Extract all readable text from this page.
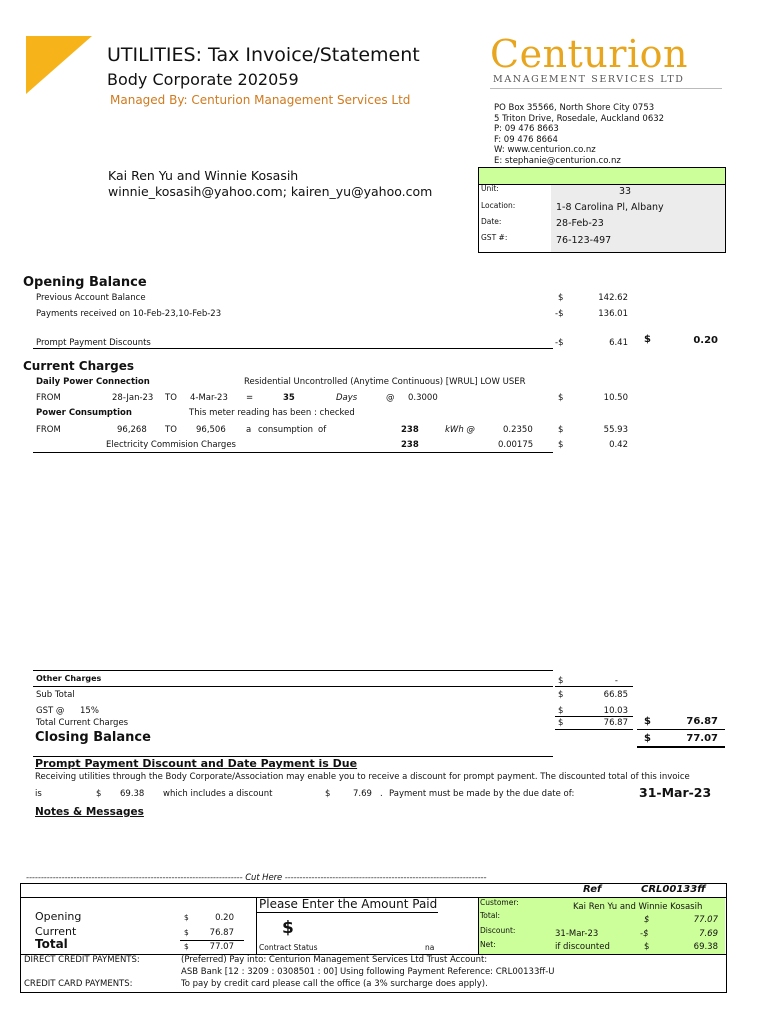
UTILITIES: Tax Invoice/Statement
Body Corporate 202059
Managed By: Centurion Management Services Ltd
Centurion
MANAGEMENT SERVICES LTD
PO Box 35566, North Shore City 0753
5 Triton Drive, Rosedale, Auckland 0632
P: 09 476 8663
F: 09 476 8664
W: www.centurion.co.nz
E: stephanie@centurion.co.nz
Kai Ren Yu and Winnie Kosasih
winnie_kosasih@yahoo.com; kairen_yu@yahoo.com	Unit:	33
Location:	1-8 Carolina Pl, Albany
Date:	28-Feb-23
GST #:	76-123-497
Opening Balance
Previous Account Balance	$	142.62
Payments received on 10-Feb-23,10-Feb-23	-$	136.01
Prompt Payment Discounts	-$	6.41 $	0.20
Current Charges
Daily Power Connection	Residential Uncontrolled (Anytime Continuous) [WRUL] LOW USER
FROM	28-Jan-23 TO 4-Mar-23 =	35	Days	@ 0.3000	$	10.50
Power Consumption	This meter reading has been : checked
FROM	96,268 TO 96,506 a consumption of	238	kWh @	0.2350	$	55.93
Electricity Commision Charges	238	0.00175	$	0.42
Other Charges	$	-
Sub Total	$	66.85
GST @ 15%	$	10.03
Total Current Charges	$	76.87 $	76.87
Closing Balance	$	77.07
Prompt Payment Discount and Date Payment is Due
Receiving utilities through the Body Corporate/Association may enable you to receive a discount for prompt payment. The discounted total of this invoice
is	$ 69.38 which includes a discount	$	7.69 . Payment must be made by the due date of:	31-Mar-23
Notes & Messages
------------------------------------------------------------------------- Cut Here --------------------------------------------------------------------
Ref	CRL00133ff
Opening	$	0.20
Current	$	76.87
Total	$	77.07
Please Enter the Amount Paid
$
Contract Status	na
Customer:	Kai Ren Yu and Winnie Kosasih
Total:	$	77.07
Discount:	31-Mar-23	-$	7.69
Net:	if discounted	$	69.38
DIRECT CREDIT PAYMENTS:	(Preferred) Pay into: Centurion Management Services Ltd Trust Account:
ASB Bank [12 : 3209 : 0308501 : 00] Using following Payment Reference: CRL00133ff-U
CREDIT CARD PAYMENTS:	To pay by credit card please call the office (a 3% surcharge does apply).
